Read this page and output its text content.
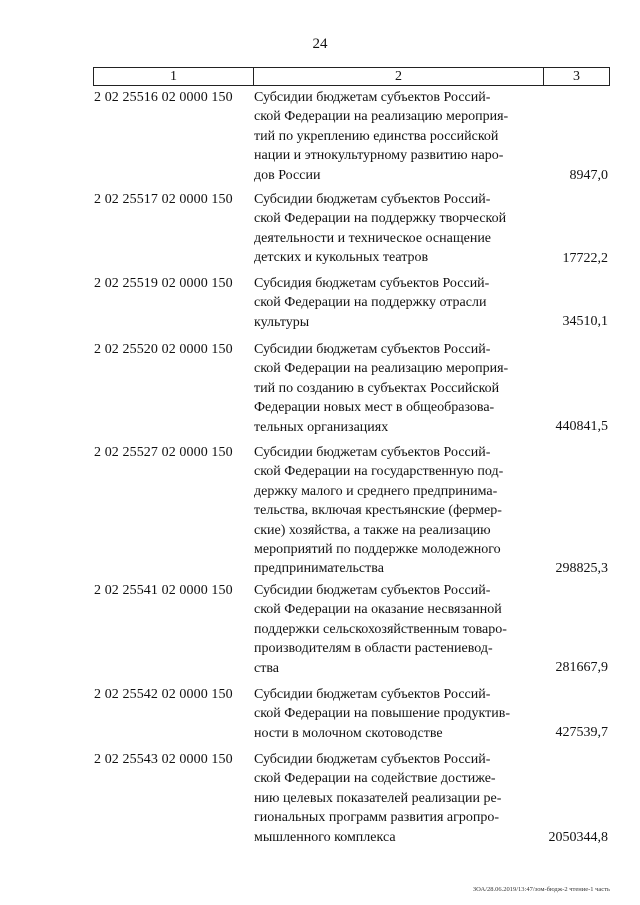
24
1	2	3
2 02 25516 02 0000 150 Субсидии бюджетам субъектов Россий-
ской Федерации на реализацию мероприя-
тий по укреплению единства российской
нации и этнокультурному развитию наро-
дов России	8947,0
2 02 25517 02 0000 150 Субсидии бюджетам субъектов Россий-
ской Федерации на поддержку творческой
деятельности и техническое оснащение
детских и кукольных театров	17722,2
2 02 25519 02 0000 150 Субсидия бюджетам субъектов Россий-
ской Федерации на поддержку отрасли
культуры	34510,1
2 02 25520 02 0000 150 Субсидии бюджетам субъектов Россий-
ской Федерации на реализацию мероприя-
тий по созданию в субъектах Российской
Федерации новых мест в общеобразова-
тельных организациях	440841,5
2 02 25527 02 0000 150 Субсидии бюджетам субъектов Россий-
ской Федерации на государственную под-
держку малого и среднего предпринима-
тельства, включая крестьянские (фермер-
ские) хозяйства, а также на реализацию
мероприятий по поддержке молодежного
предпринимательства	298825,3
2 02 25541 02 0000 150 Субсидии бюджетам субъектов Россий-
ской Федерации на оказание несвязанной
поддержки сельскохозяйственным товаро-
производителям в области растениевод-
ства	281667,9
2 02 25542 02 0000 150 Субсидии бюджетам субъектов Россий-
ской Федерации на повышение продуктив-
ности в молочном скотоводстве	427539,7
2 02 25543 02 0000 150 Субсидии бюджетам субъектов Россий-
ской Федерации на содействие достиже-
нию целевых показателей реализации ре-
гиональных программ развития агропро-
мышленного комплекса	2050344,8
ЗОА/28.06.2019/13:47/зом-бюдж-2 чтение-1 часть
